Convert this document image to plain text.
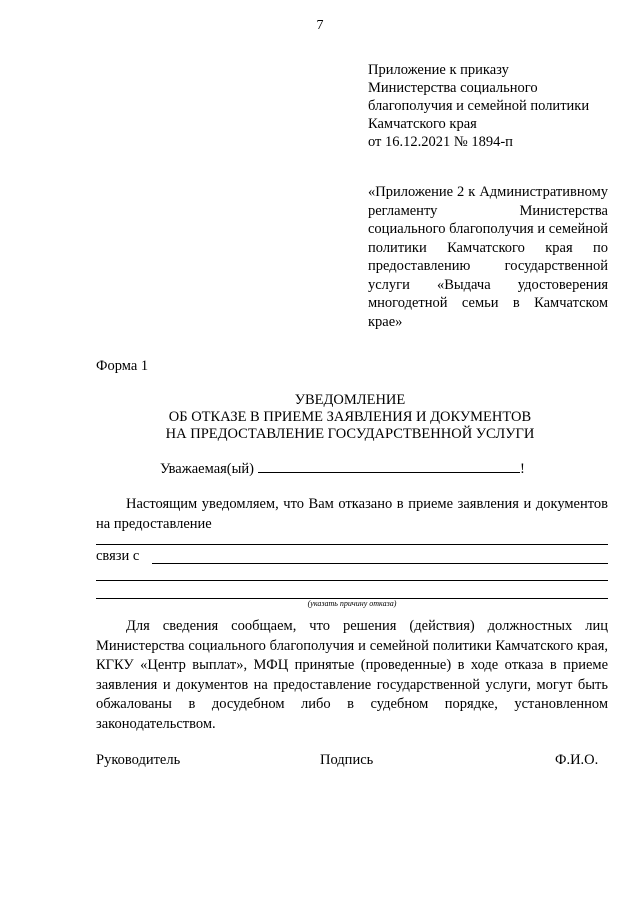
7
Приложение к приказу
Министерства социального
благополучия и семейной политики
Камчатского края
от 16.12.2021 № 1894-п
«Приложение 2 к Административному регламенту Министерства социального благополучия и семейной политики Камчатского края по предоставлению государственной услуги «Выдача удостоверения многодетной семьи в Камчатском крае»
Форма 1
УВЕДОМЛЕНИЕ
ОБ ОТКАЗЕ В ПРИЕМЕ ЗАЯВЛЕНИЯ И ДОКУМЕНТОВ
НА ПРЕДОСТАВЛЕНИЕ ГОСУДАРСТВЕННОЙ УСЛУГИ
Уважаемая(ый)	!

Настоящим уведомляем, что Вам отказано в приеме заявления и документов на предоставление

связи с
(указать причину отказа)

Для сведения сообщаем, что решения (действия) должностных лиц Министерства социального благополучия и семейной политики Камчатского края, КГКУ «Центр выплат», МФЦ принятые (проведенные) в ходе отказа в приеме заявления и документов на предоставление государственной услуги, могут быть обжалованы в досудебном либо в судебном порядке, установленном законодательством.

Руководитель	Подпись	Ф.И.О.
